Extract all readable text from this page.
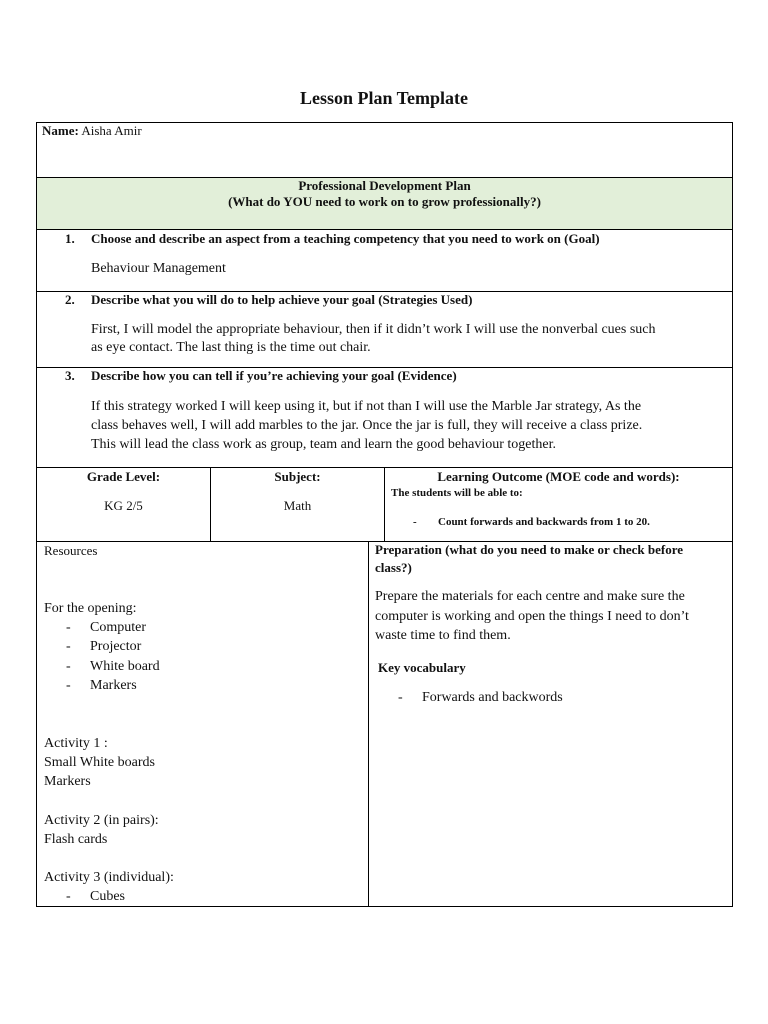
Lesson Plan Template
Name: Aisha Amir
Professional Development Plan
(What do YOU need to work on to grow professionally?)
1. Choose and describe an aspect from a teaching competency that you need to work on (Goal)
Behaviour Management
2. Describe what you will do to help achieve your goal (Strategies Used)
First, I will model the appropriate behaviour, then if it didn’t work I will use the nonverbal cues such
as eye contact. The last thing is the time out chair.
3. Describe how you can tell if you’re achieving your goal (Evidence)
If this strategy worked I will keep using it, but if not than I will use the Marble Jar strategy, As the
class behaves well, I will add marbles to the jar. Once the jar is full, they will receive a class prize.
This will lead the class work as group, team and learn the good behaviour together.
Grade Level:
KG 2/5
Subject:
Math
Learning Outcome (MOE code and words):
The students will be able to:
- Count forwards and backwards from 1 to 20.
Resources
For the opening:
- Computer
- Projector
- White board
- Markers
Activity 1 :
Small White boards
Markers
Activity 2 (in pairs):
Flash cards
Activity 3 (individual):
- Cubes
Preparation (what do you need to make or check before
class?)
Prepare the materials for each centre and make sure the
computer is working and open the things I need to don’t
waste time to find them.
Key vocabulary
- Forwards and backwords
